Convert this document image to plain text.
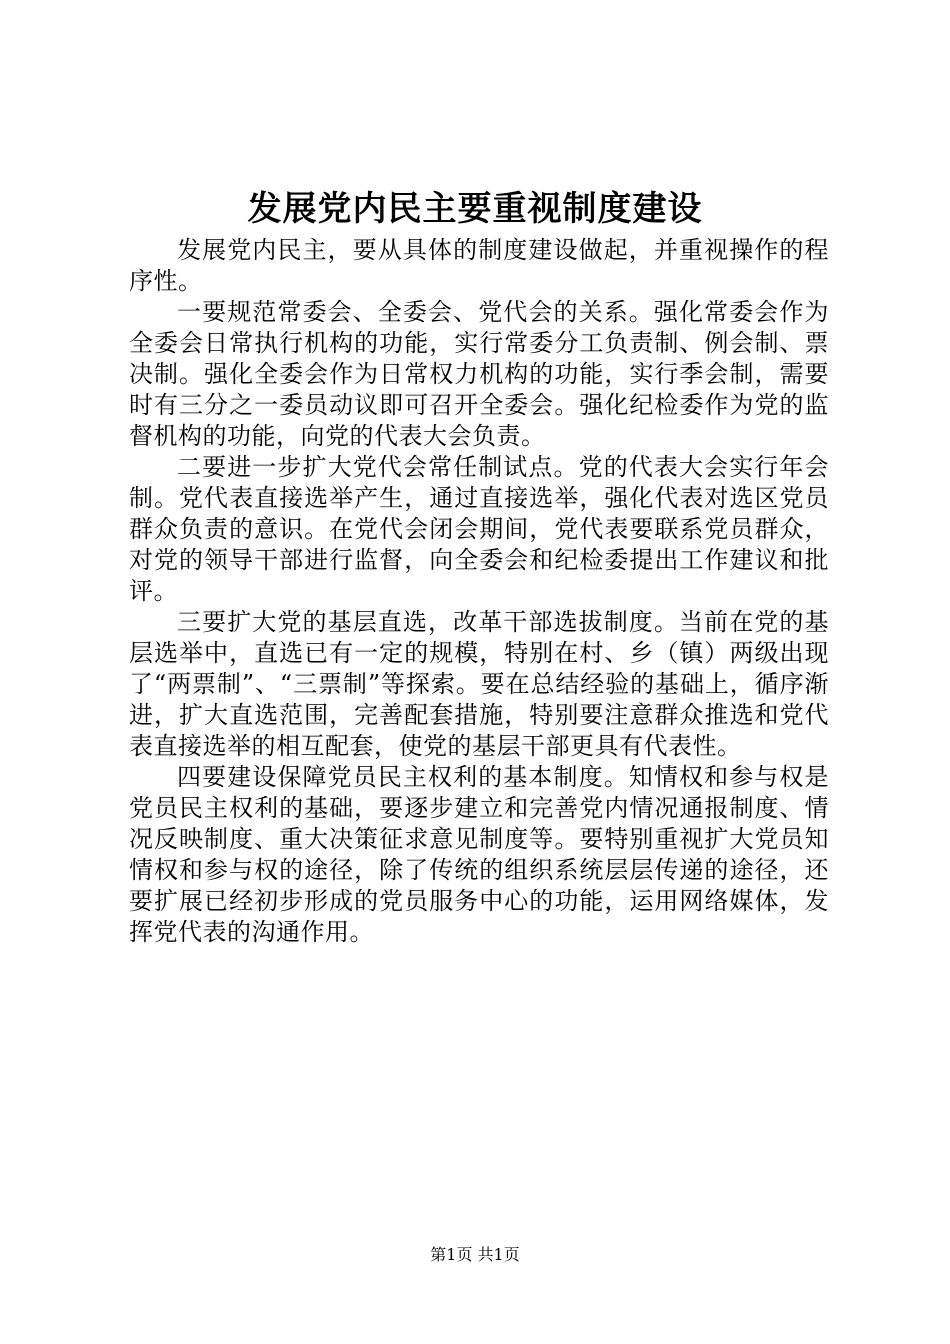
发展党内民主要重视制度建设

发展党内民主，要从具体的制度建设做起，并重视操作的程序性。

一要规范常委会、全委会、党代会的关系。强化常委会作为全委会日常执行机构的功能，实行常委分工负责制、例会制、票决制。强化全委会作为日常权力机构的功能，实行季会制，需要时有三分之一委员动议即可召开全委会。强化纪检委作为党的监督机构的功能，向党的代表大会负责。

二要进一步扩大党代会常任制试点。党的代表大会实行年会制。党代表直接选举产生，通过直接选举，强化代表对选区党员群众负责的意识。在党代会闭会期间，党代表要联系党员群众，对党的领导干部进行监督，向全委会和纪检委提出工作建议和批评。

三要扩大党的基层直选，改革干部选拔制度。当前在党的基层选举中，直选已有一定的规模，特别在村、乡（镇）两级出现了“两票制”、“三票制”等探索。要在总结经验的基础上，循序渐进，扩大直选范围，完善配套措施，特别要注意群众推选和党代表直接选举的相互配套，使党的基层干部更具有代表性。

四要建设保障党员民主权利的基本制度。知情权和参与权是党员民主权利的基础，要逐步建立和完善党内情况通报制度、情况反映制度、重大决策征求意见制度等。要特别重视扩大党员知情权和参与权的途径，除了传统的组织系统层层传递的途径，还要扩展已经初步形成的党员服务中心的功能，运用网络媒体，发挥党代表的沟通作用。

第1页 共1页
